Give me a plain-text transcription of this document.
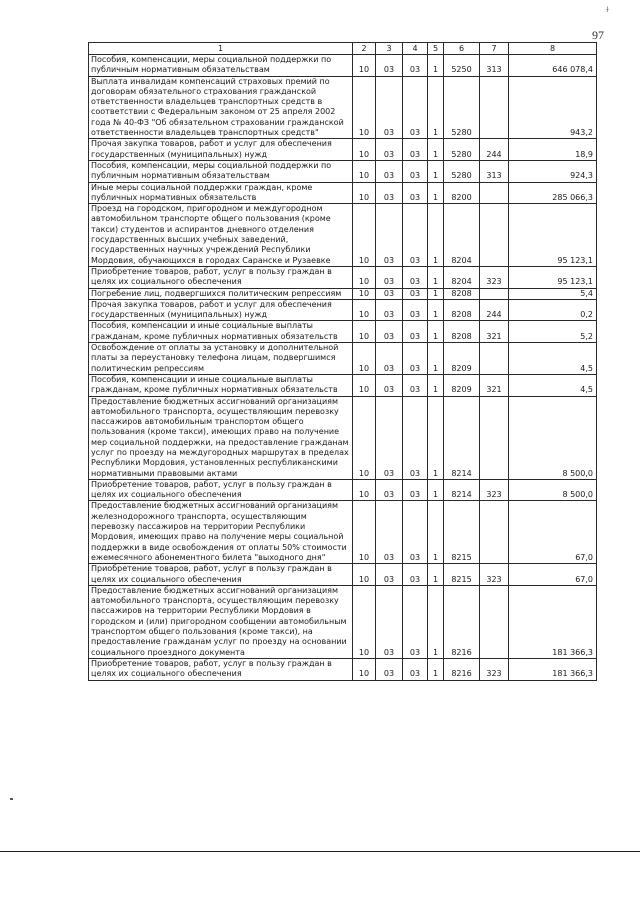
97
ɫ
1	2	3	4	5	6	7	8
Пособия, компенсации, меры социальной поддержки по публичным нормативным обязательствам	10	03	03	1	5250	313	646 078,4
Выплата инвалидам компенсаций страховых премий по договорам обязательного страхования гражданской ответственности владельцев транспортных средств в соответствии с Федеральным законом от 25 апреля 2002 года № 40-ФЗ "Об обязательном страховании гражданской ответственности владельцев транспортных средств"	10	03	03	1	5280		943,2
Прочая закупка товаров, работ и услуг для обеспечения государственных (муниципальных) нужд	10	03	03	1	5280	244	18,9
Пособия, компенсации, меры социальной поддержки по публичным нормативным обязательствам	10	03	03	1	5280	313	924,3
Иные меры социальной поддержки граждан, кроме публичных нормативных обязательств	10	03	03	1	8200		285 066,3
Проезд на городском, пригородном и междугородном автомобильном транспорте общего пользования (кроме такси) студентов и аспирантов дневного отделения государственных высших учебных заведений, государственных научных учреждений Республики Мордовия, обучающихся в городах Саранске и Рузаевке	10	03	03	1	8204		95 123,1
Приобретение товаров, работ, услуг в пользу граждан в целях их социального обеспечения	10	03	03	1	8204	323	95 123,1
Погребение лиц, подвергшихся политическим репрессиям	10	03	03	1	8208		5,4
Прочая закупка товаров, работ и услуг для обеспечения государственных (муниципальных) нужд	10	03	03	1	8208	244	0,2
Пособия, компенсации и иные социальные выплаты гражданам, кроме публичных нормативных обязательств	10	03	03	1	8208	321	5,2
Освобождение от оплаты за установку и дополнительной платы за переустановку телефона лицам, подвергшимся политическим репрессиям	10	03	03	1	8209		4,5
Пособия, компенсации и иные социальные выплаты гражданам, кроме публичных нормативных обязательств	10	03	03	1	8209	321	4,5
Предоставление бюджетных ассигнований организациям автомобильного транспорта, осуществляющим перевозку пассажиров автомобильным транспортом общего пользования (кроме такси), имеющих право на получение мер социальной поддержки, на предоставление гражданам услуг по проезду на междугородных маршрутах в пределах Республики Мордовия, установленных республиканскими нормативными правовыми актами	10	03	03	1	8214		8 500,0
Приобретение товаров, работ, услуг в пользу граждан в целях их социального обеспечения	10	03	03	1	8214	323	8 500,0
Предоставление бюджетных ассигнований организациям железнодорожного транспорта, осуществляющим перевозку пассажиров на территории Республики Мордовия, имеющих право на получение меры социальной поддержки в виде освобождения от оплаты 50% стоимости ежемесячного абонементного билета "выходного дня"	10	03	03	1	8215		67,0
Приобретение товаров, работ, услуг в пользу граждан в целях их социального обеспечения	10	03	03	1	8215	323	67,0
Предоставление бюджетных ассигнований организациям автомобильного транспорта, осуществляющим перевозку пассажиров на территории Республики Мордовия в городском и (или) пригородном сообщении автомобильным транспортом общего пользования (кроме такси), на предоставление гражданам услуг по проезду на основании социального проездного документа	10	03	03	1	8216		181 366,3
Приобретение товаров, работ, услуг в пользу граждан в целях их социального обеспечения	10	03	03	1	8216	323	181 366,3
